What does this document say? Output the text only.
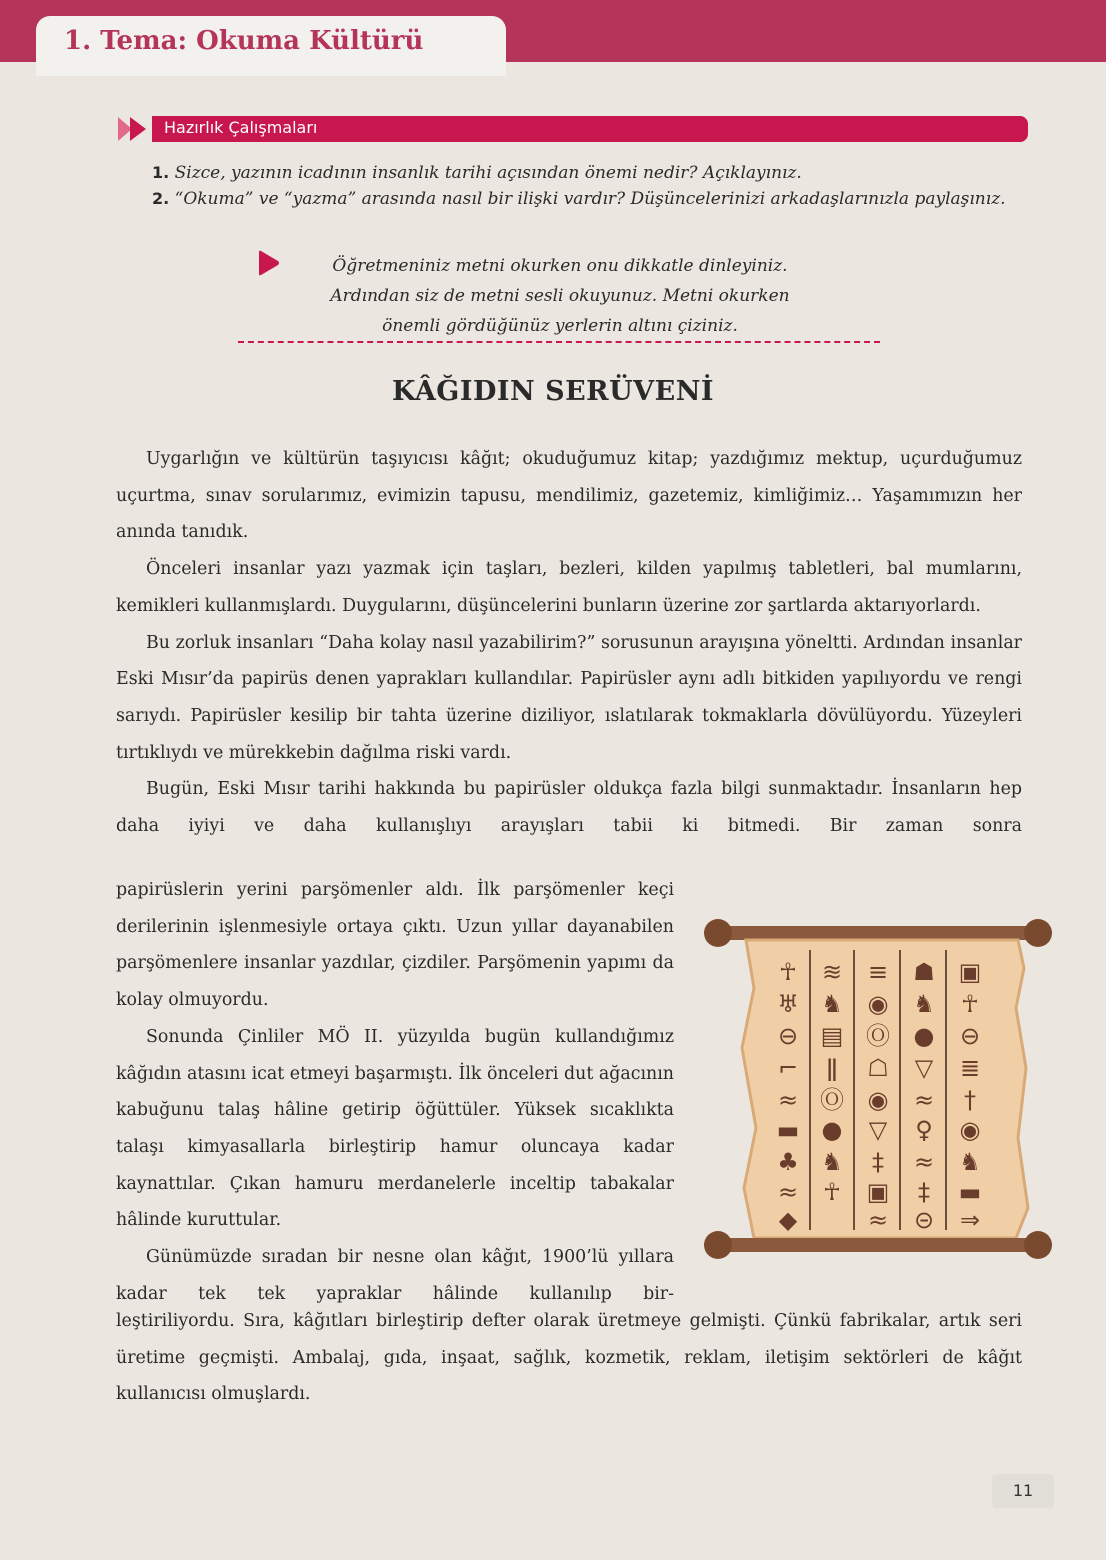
1. Tema: Okuma Kültürü
Hazırlık Çalışmaları
1. Sizce, yazının icadının insanlık tarihi açısından önemi nedir? Açıklayınız.
2. “Okuma” ve “yazma” arasında nasıl bir ilişki vardır? Düşüncelerinizi arkadaşlarınızla paylaşınız.
Öğretmeniniz metni okurken onu dikkatle dinleyiniz.
Ardından siz de metni sesli okuyunuz. Metni okurken
önemli gördüğünüz yerlerin altını çiziniz.
KÂĞIDIN SERÜVENİ

Uygarlığın ve kültürün taşıyıcısı kâğıt; okuduğumuz kitap; yazdığımız mektup, uçurduğumuz uçurtma, sınav sorularımız, evimizin tapusu, mendilimiz, gazetemiz, kimliğimiz… Yaşamımızın her anında tanıdık.

Önceleri insanlar yazı yazmak için taşları, bezleri, kilden yapılmış tabletleri, bal mumlarını, kemikleri kullanmışlardı. Duygularını, düşüncelerini bunların üzerine zor şartlarda aktarıyorlardı.

Bu zorluk insanları “Daha kolay nasıl yazabilirim?” sorusunun arayışına yöneltti. Ardından insanlar Eski Mısır’da papirüs denen yaprakları kullandılar. Papirüsler aynı adlı bitkiden yapılıyordu ve rengi sarıydı. Papirüsler kesilip bir tahta üzerine diziliyor, ıslatılarak tokmaklarla dövülüyordu. Yüzeyleri tırtıklıydı ve mürekkebin dağılma riski vardı.

Bugün, Eski Mısır tarihi hakkında bu papirüsler oldukça fazla bilgi sunmaktadır. İnsanların hep daha iyiyi ve daha kullanışlıyı arayışları tabii ki bitmedi. Bir zaman sonra

papirüslerin yerini parşömenler aldı. İlk parşömenler keçi derilerinin işlenmesiyle ortaya çıktı. Uzun yıllar dayanabilen parşömenlere insanlar yazdılar, çizdiler. Parşömenin yapımı da kolay olmuyordu.

Sonunda Çinliler MÖ II. yüzyılda bugün kullandığımız kâğıdın atasını icat etmeyi başarmıştı. İlk önceleri dut ağacının kabuğunu talaş hâline getirip öğüttüler. Yüksek sıcaklıkta talaşı kimyasallarla birleştirip hamur oluncaya kadar kaynattılar. Çıkan hamuru merdanelerle inceltip tabakalar hâlinde kuruttular.

Günümüzde sıradan bir nesne olan kâğıt, 1900’lü yıllara kadar tek tek yapraklar hâlinde kullanılıp bir-

leştiriliyordu. Sıra, kâğıtları birleştirip defter olarak üretmeye gelmişti. Çünkü fabrikalar, artık seri üretime geçmişti. Ambalaj, gıda, inşaat, sağlık, kozmetik, reklam, iletişim sektörleri de kâğıt kullanıcısı olmuşlardı.

☥
♅
⊖
⌐
≈
▬
♣
≈
◆
≋
♞
▤
ǁ
Ⓞ
●
♞
☥
≡
◉
Ⓞ
☖
◉
▽
‡
▣
≈
☗
♞
●
▽
≈
♀
≈
‡
⊝
▣
☥
⊖
≣
†
◉
♞
▬
⇒
11
